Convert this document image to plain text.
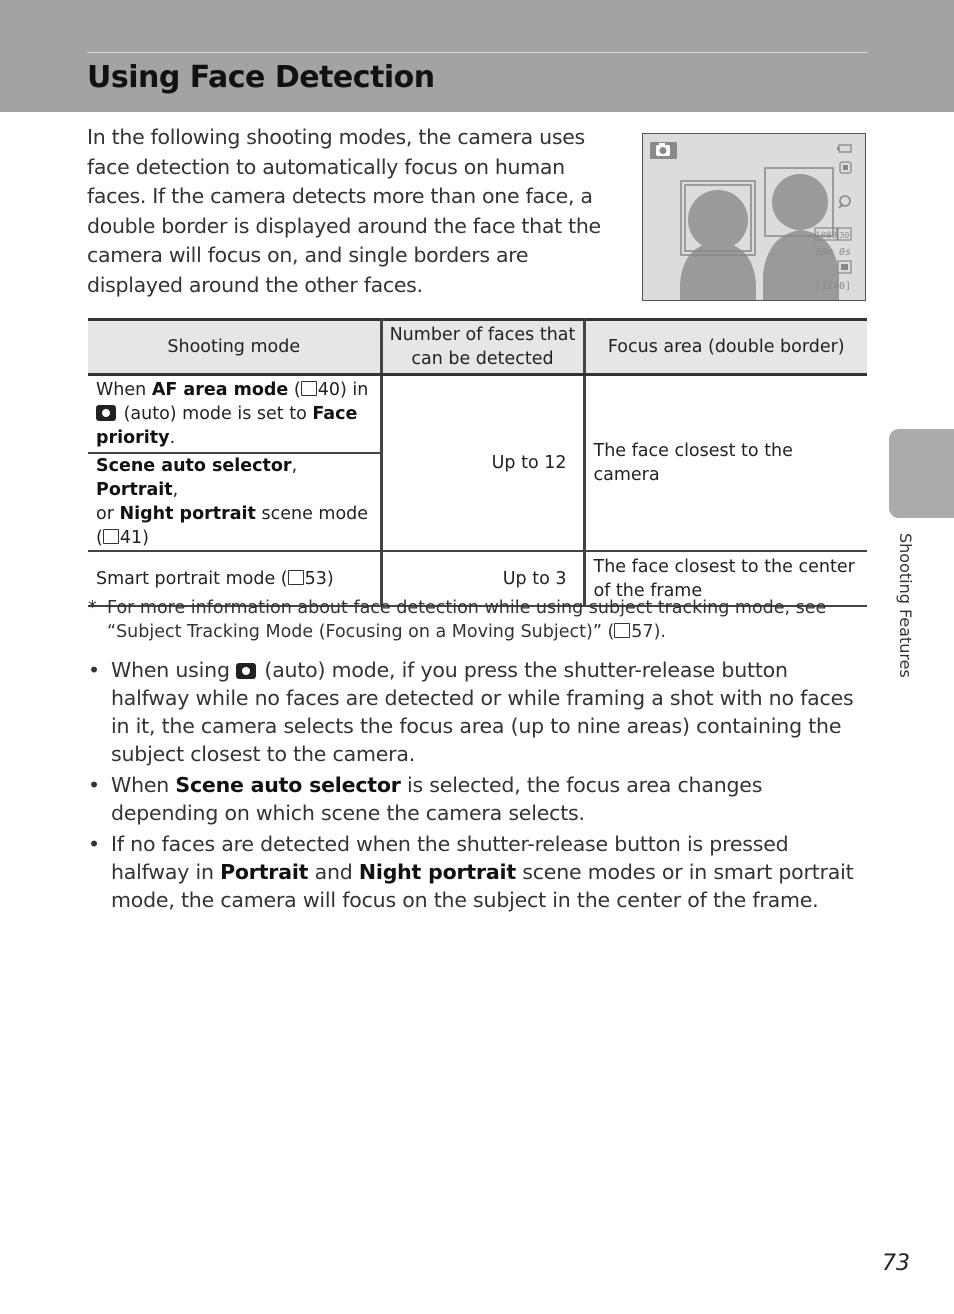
Using Face Detection

In the following shooting modes, the camera uses face detection to automatically focus on human faces. If the camera detects more than one face, a double border is displayed around the face that the camera will focus on, and single borders are displayed around the other faces.

1080 30
29m 0s
[1140]
Shooting mode	Number of faces that can be detected	Focus area (double border)
When AF area mode ( 40) in
(auto) mode is set to Face
priority.	Up to 12	The face closest to the camera
Scene auto selector, Portrait,
or Night portrait scene mode
( 41)		
Smart portrait mode ( 53)	Up to 3	The face closest to the center of the frame
* For more information about face detection while using subject tracking mode, see “Subject Tracking Mode (Focusing on a Moving Subject)” ( 57).
• When using  (auto) mode, if you press the shutter-release button halfway while no faces are detected or while framing a shot with no faces in it, the camera selects the focus area (up to nine areas) containing the subject closest to the camera.
• When Scene auto selector is selected, the focus area changes depending on which scene the camera selects.
• If no faces are detected when the shutter-release button is pressed halfway in Portrait and Night portrait scene modes or in smart portrait mode, the camera will focus on the subject in the center of the frame.
Shooting Features
73
